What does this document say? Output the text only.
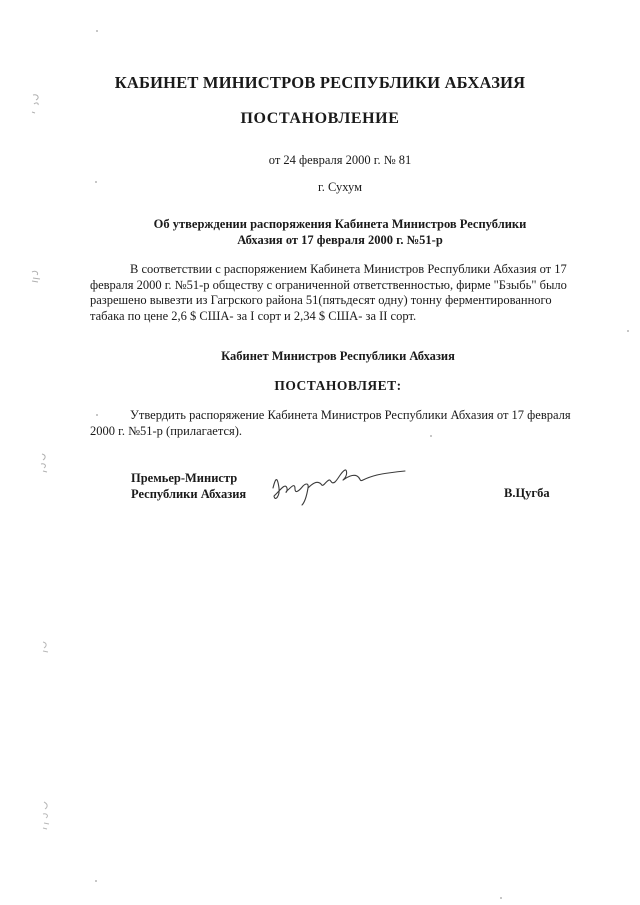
КАБИНЕТ МИНИСТРОВ РЕСПУБЛИКИ АБХАЗИЯ
ПОСТАНОВЛЕНИЕ
от 24 февраля 2000 г. № 81
г. Сухум
Об утверждении распоряжения Кабинета Министров Республики
Абхазия от 17 февраля 2000 г. №51-р
В соответствии с распоряжением Кабинета Министров Республики Абхазия от 17
февраля 2000 г. №51-р обществу с ограниченной ответственностью, фирме "Бзыбь" было
разрешено вывезти из Гагрского района 51(пятьдесят одну) тонну ферментированного
табака по цене 2,6 $ США- за I сорт и 2,34 $ США- за II сорт.
Кабинет Министров Республики Абхазия
ПОСТАНОВЛЯЕТ:
Утвердить распоряжение Кабинета Министров Республики Абхазия от 17 февраля
2000 г. №51-р (прилагается).
Премьер-Министр
Республики Абхазия	В.Цугба
